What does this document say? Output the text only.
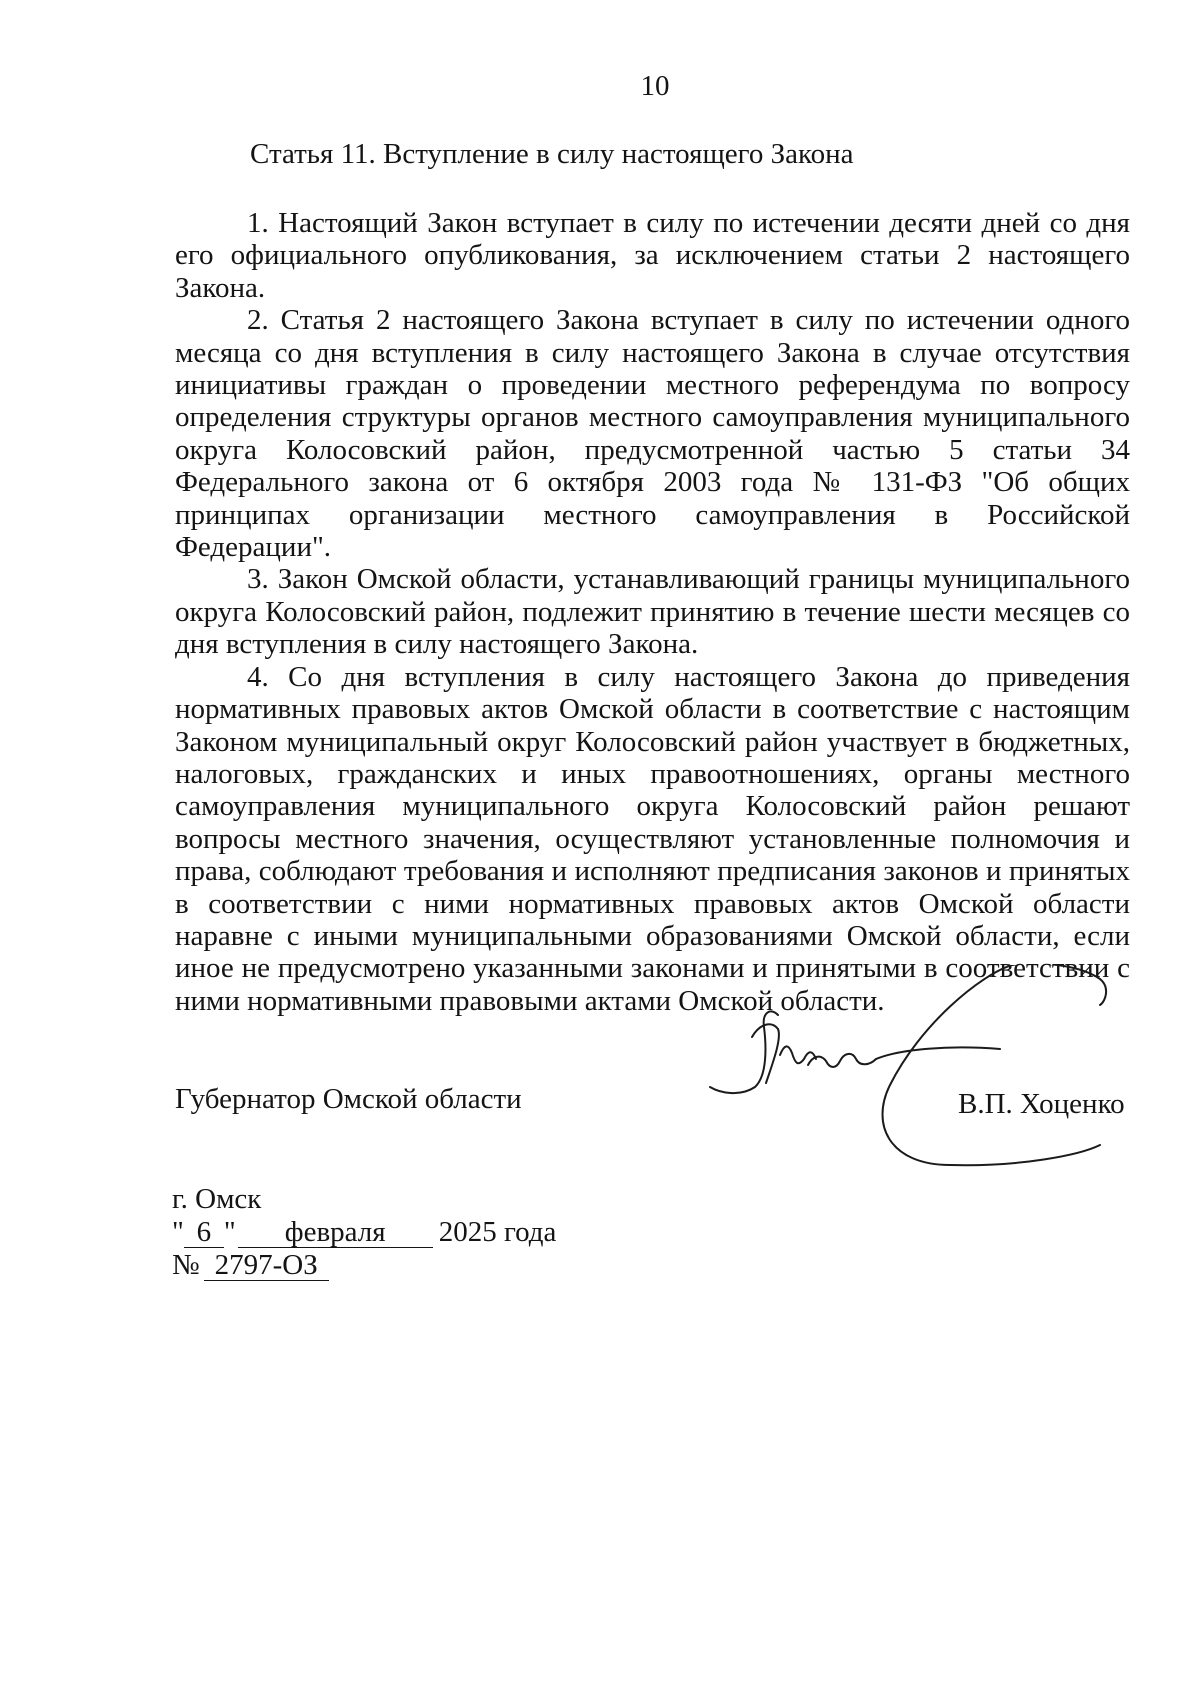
10
Статья 11. Вступление в силу настоящего Закона

1. Настоящий Закон вступает в силу по истечении десяти дней со дня его официального опубликования, за исключением статьи 2 настоящего Закона.

2. Статья 2 настоящего Закона вступает в силу по истечении одного месяца со дня вступления в силу настоящего Закона в случае отсутствия инициативы граждан о проведении местного референдума по вопросу определения структуры органов местного самоуправления муниципального округа Колосовский район, предусмотренной частью 5 статьи 34 Федерального закона от 6 октября 2003 года № 131-ФЗ "Об общих принципах организации местного самоуправления в Российской Федерации".

3. Закон Омской области, устанавливающий границы муниципального округа Колосовский район, подлежит принятию в течение шести месяцев со дня вступления в силу настоящего Закона.

4. Со дня вступления в силу настоящего Закона до приведения нормативных правовых актов Омской области в соответствие с настоящим Законом муниципальный округ Колосовский район участвует в бюджетных, налоговых, гражданских и иных правоотношениях, органы местного самоуправления муниципального округа Колосовский район решают вопросы местного значения, осуществляют установленные полномочия и права, соблюдают требования и исполняют предписания законов и принятых в соответствии с ними нормативных правовых актов Омской области наравне с иными муниципальными образованиями Омской области, если иное не предусмотрено указанными законами и принятыми в соответствии с ними нормативными правовыми актами Омской области.

Губернатор Омской области	В.П. Хоценко
г. Омск
" 6 " февраля 2025 года
№ 2797-ОЗ
